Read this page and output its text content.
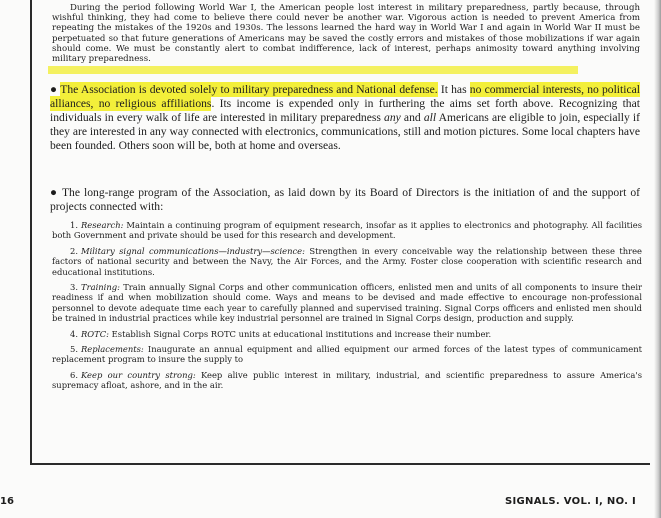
During the period following World War I, the American people lost interest in military preparedness, partly because, through wishful thinking, they had come to believe there could never be another war. Vigorous action is needed to prevent America from repeating the mistakes of the 1920s and 1930s. The lessons learned the hard way in World War I and again in World War II must be perpetuated so that future generations of Americans may be saved the costly errors and mistakes of those mobilizations if war again should come. We must be constantly alert to combat indifference, lack of interest, perhaps animosity toward anything involving military preparedness.

● The Association is devoted solely to military preparedness and National defense. It has no commercial interests, no political alliances, no religious affiliations. Its income is expended only in furthering the aims set forth above. Recognizing that individuals in every walk of life are interested in military preparedness any and all Americans are eligible to join, especially if they are interested in any way connected with electronics, communications, still and motion pictures. Some local chapters have been founded. Others soon will be, both at home and overseas.

● The long-range program of the Association, as laid down by its Board of Directors is the initiation of and the support of projects connected with:

1. Research: Maintain a continuing program of equipment research, insofar as it applies to electronics and photography. All facilities both Government and private should be used for this research and development.

2. Military signal communications—industry—science: Strengthen in every conceivable way the relationship between these three factors of national security and between the Navy, the Air Forces, and the Army. Foster close cooperation with scientific research and educational institutions.

3. Training: Train annually Signal Corps and other communication officers, enlisted men and units of all components to insure their readiness if and when mobilization should come. Ways and means to be devised and made effective to encourage non-professional personnel to devote adequate time each year to carefully planned and supervised training. Signal Corps officers and enlisted men should be trained in industrial practices while key industrial personnel are trained in Signal Corps design, production and supply.

4. ROTC: Establish Signal Corps ROTC units at educational institutions and increase their number.

5. Replacements: Inaugurate an annual equipment and allied equipment our armed forces of the latest types of communicament replacement program to insure the supply to

6. Keep our country strong: Keep alive public interest in military, industrial, and scientific preparedness to assure America's supremacy afloat, ashore, and in the air.

16	SIGNALS. VOL. I, NO. I
